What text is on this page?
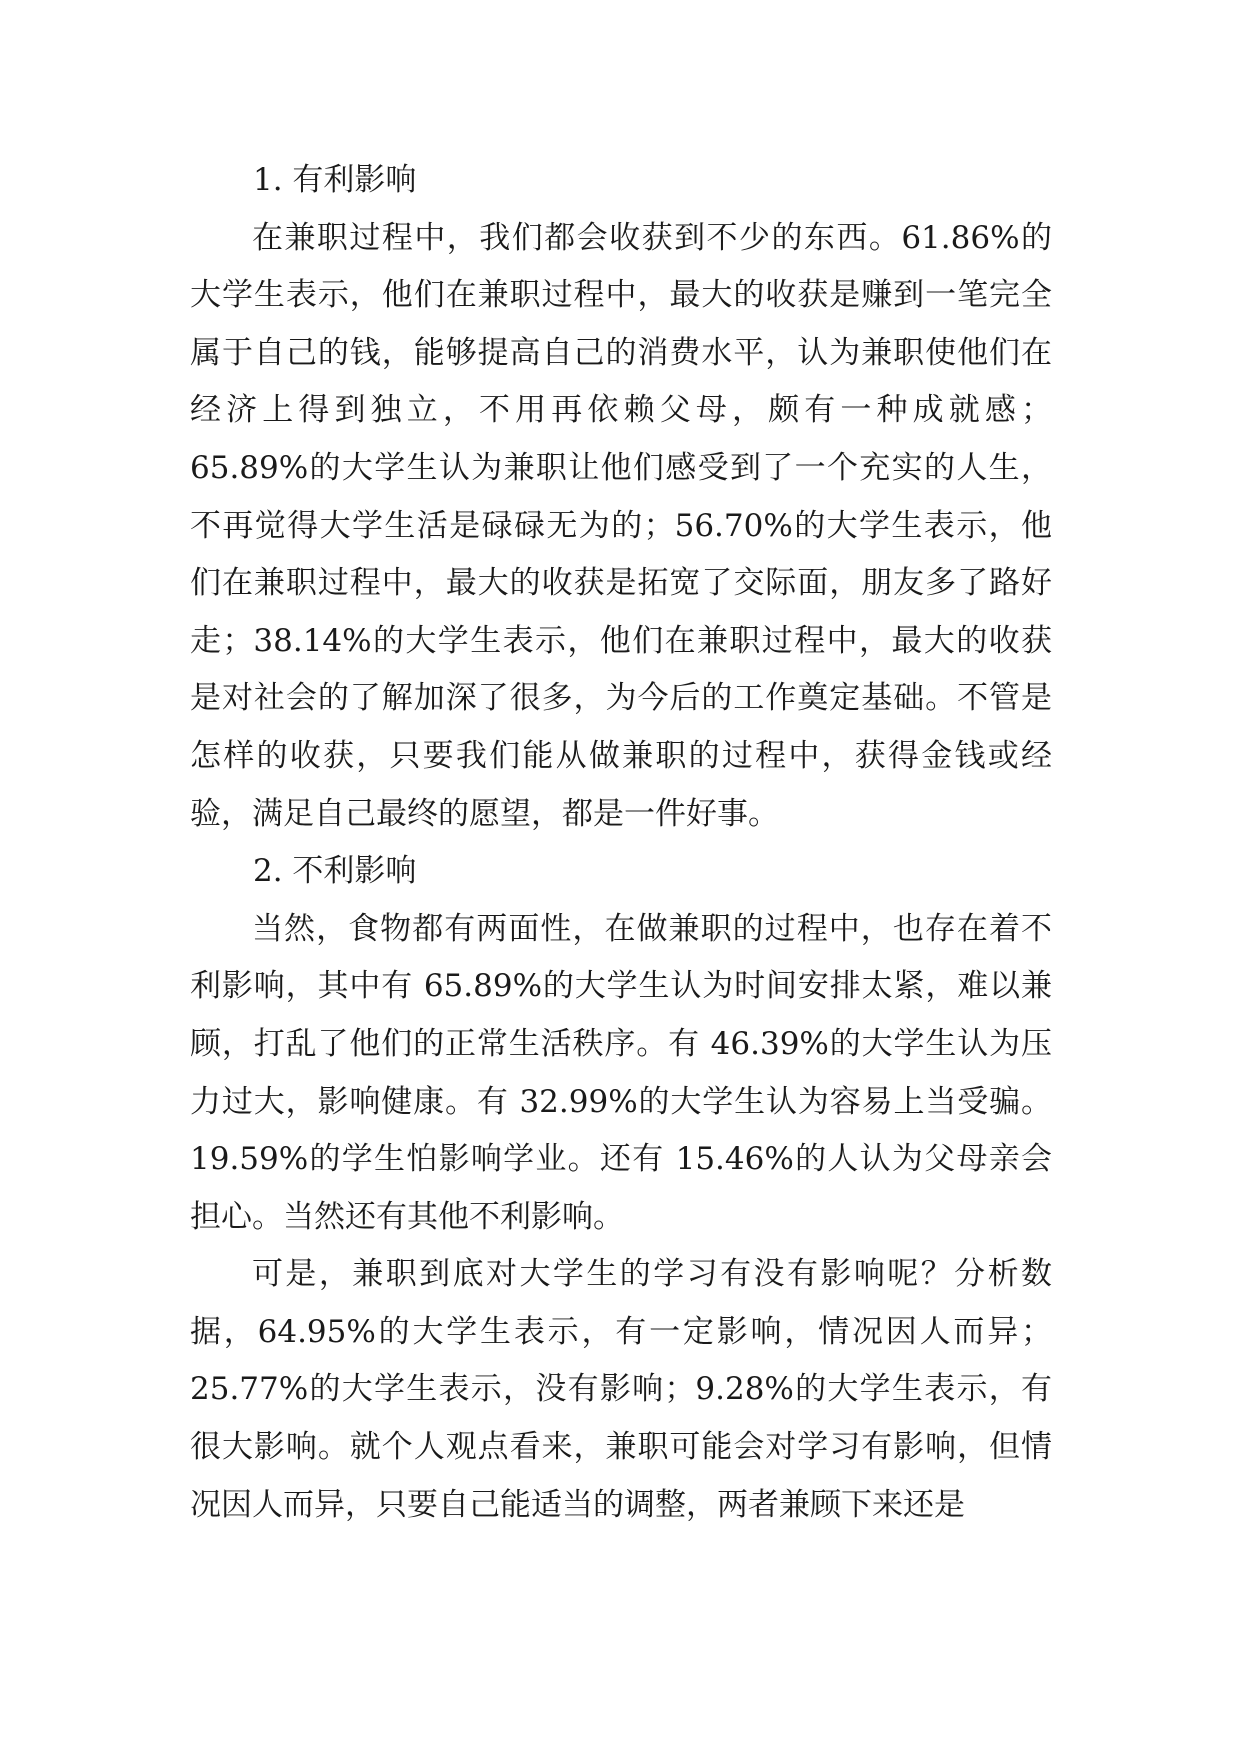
1. 有利影响

在兼职过程中，我们都会收获到不少的东西。61.86%的大学生表示，他们在兼职过程中，最大的收获是赚到一笔完全属于自己的钱，能够提高自己的消费水平，认为兼职使他们在经济上得到独立，不用再依赖父母，颇有一种成就感；65.89%的大学生认为兼职让他们感受到了一个充实的人生，不再觉得大学生活是碌碌无为的；56.70%的大学生表示，他们在兼职过程中，最大的收获是拓宽了交际面，朋友多了路好走；38.14%的大学生表示，他们在兼职过程中，最大的收获是对社会的了解加深了很多，为今后的工作奠定基础。不管是怎样的收获，只要我们能从做兼职的过程中，获得金钱或经验，满足自己最终的愿望，都是一件好事。

2. 不利影响

当然，食物都有两面性，在做兼职的过程中，也存在着不利影响，其中有 65.89%的大学生认为时间安排太紧，难以兼顾，打乱了他们的正常生活秩序。有 46.39%的大学生认为压力过大，影响健康。有 32.99%的大学生认为容易上当受骗。19.59%的学生怕影响学业。还有 15.46%的人认为父母亲会担心。当然还有其他不利影响。

可是，兼职到底对大学生的学习有没有影响呢？分析数据，64.95%的大学生表示，有一定影响，情况因人而异；25.77%的大学生表示，没有影响；9.28%的大学生表示，有很大影响。就个人观点看来，兼职可能会对学习有影响，但情况因人而异，只要自己能适当的调整，两者兼顾下来还是
